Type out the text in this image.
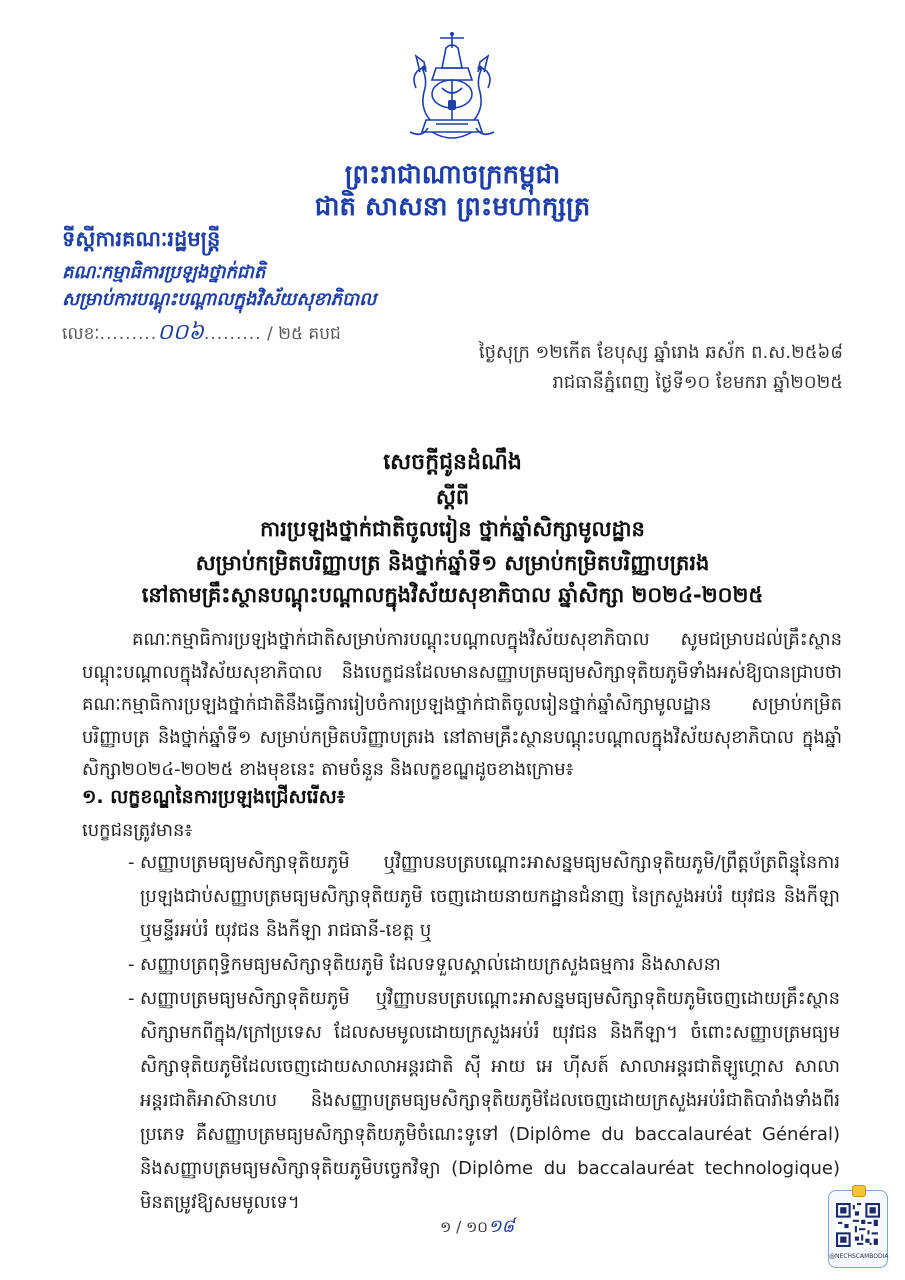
ព្រះរាជាណាចក្រកម្ពុជា
ជាតិ សាសនា ព្រះមហាក្សត្រ
ទីស្តីការគណៈរដ្ឋមន្ត្រី
គណៈកម្មាធិការប្រឡងថ្នាក់ជាតិ
សម្រាប់ការបណ្តុះបណ្តាលក្នុងវិស័យសុខាភិបាល
លេខៈ.........០០៦......... / ២៥ គបជ
ថ្ងៃសុក្រ ១២កើត ខែបុស្ស ឆ្នាំរោង ឆស័ក ព.ស.២៥៦៨
រាជធានីភ្នំពេញ ថ្ងៃទី១០ ខែមករា ឆ្នាំ២០២៥
សេចក្តីជូនដំណឹង
ស្តីពី
ការប្រឡងថ្នាក់ជាតិចូលរៀន ថ្នាក់ឆ្នាំសិក្សាមូលដ្ឋាន
សម្រាប់កម្រិតបរិញ្ញាបត្រ និងថ្នាក់ឆ្នាំទី១ សម្រាប់កម្រិតបរិញ្ញាបត្ររង
នៅតាមគ្រឹះស្ថានបណ្តុះបណ្តាលក្នុងវិស័យសុខាភិបាល ឆ្នាំសិក្សា ២០២៤-២០២៥

គណៈកម្មាធិការប្រឡងថ្នាក់ជាតិសម្រាប់ការបណ្តុះបណ្តាលក្នុងវិស័យសុខាភិបាល សូមជម្រាបដល់គ្រឹះស្ថានបណ្តុះបណ្តាលក្នុងវិស័យសុខាភិបាល និងបេក្ខជនដែលមានសញ្ញាបត្រមធ្យមសិក្សាទុតិយភូមិទាំងអស់ឱ្យបានជ្រាបថា គណៈកម្មាធិការប្រឡងថ្នាក់ជាតិនឹងធ្វើការរៀបចំការប្រឡងថ្នាក់ជាតិចូលរៀនថ្នាក់ឆ្នាំសិក្សាមូលដ្ឋាន សម្រាប់កម្រិតបរិញ្ញាបត្រ និងថ្នាក់ឆ្នាំទី១ សម្រាប់កម្រិតបរិញ្ញាបត្ររង នៅតាមគ្រឹះស្ថានបណ្តុះបណ្តាលក្នុងវិស័យសុខាភិបាល ក្នុងឆ្នាំសិក្សា២០២៤-២០២៥ ខាងមុខនេះ តាមចំនួន និងលក្ខខណ្ឌដូចខាងក្រោម៖

១. លក្ខខណ្ឌនៃការប្រឡងជ្រើសរើស៖
បេក្ខជនត្រូវមាន៖
- សញ្ញាបត្រមធ្យមសិក្សាទុតិយភូមិ ឬវិញ្ញាបនបត្របណ្តោះអាសន្នមធ្យមសិក្សាទុតិយភូមិ/ព្រឹត្តប័ត្រពិន្ទុនៃការប្រឡងជាប់សញ្ញាបត្រមធ្យមសិក្សាទុតិយភូមិ ចេញដោយនាយកដ្ឋានជំនាញ នៃក្រសួងអប់រំ យុវជន និងកីឡា ឬមន្ទីរអប់រំ យុវជន និងកីឡា រាជធានី-ខេត្ត ឬ
- សញ្ញាបត្រពុទ្ធិកមធ្យមសិក្សាទុតិយភូមិ ដែលទទួលស្គាល់ដោយក្រសួងធម្មការ និងសាសនា
- សញ្ញាបត្រមធ្យមសិក្សាទុតិយភូមិ ឬវិញ្ញាបនបត្របណ្តោះអាសន្នមធ្យមសិក្សាទុតិយភូមិចេញដោយគ្រឹះស្ថានសិក្សាមកពីក្នុង/ក្រៅប្រទេស ដែលសមមូលដោយក្រសួងអប់រំ យុវជន និងកីឡា។ ចំពោះសញ្ញាបត្រមធ្យមសិក្សាទុតិយភូមិដែលចេញដោយសាលាអន្តរជាតិ ស៊ី អាយ អេ ហ៊ីសត៍ សាលាអន្តរជាតិឡូហ្គោស សាលាអន្តរជាតិអាស៊ានហប និងសញ្ញាបត្រមធ្យមសិក្សាទុតិយភូមិដែលចេញដោយក្រសួងអប់រំជាតិបារាំងទាំងពីរប្រភេទ គឺសញ្ញាបត្រមធ្យមសិក្សាទុតិយភូមិចំណេះទូទៅ (Diplôme du baccalauréat Général) និងសញ្ញាបត្រមធ្យមសិក្សាទុតិយភូមិបច្ចេកវិទ្យា (Diplôme du baccalauréat technologique) មិនតម្រូវឱ្យសមមូលទេ។
១ / ១០១៨
@NECHSCAMBODIA
